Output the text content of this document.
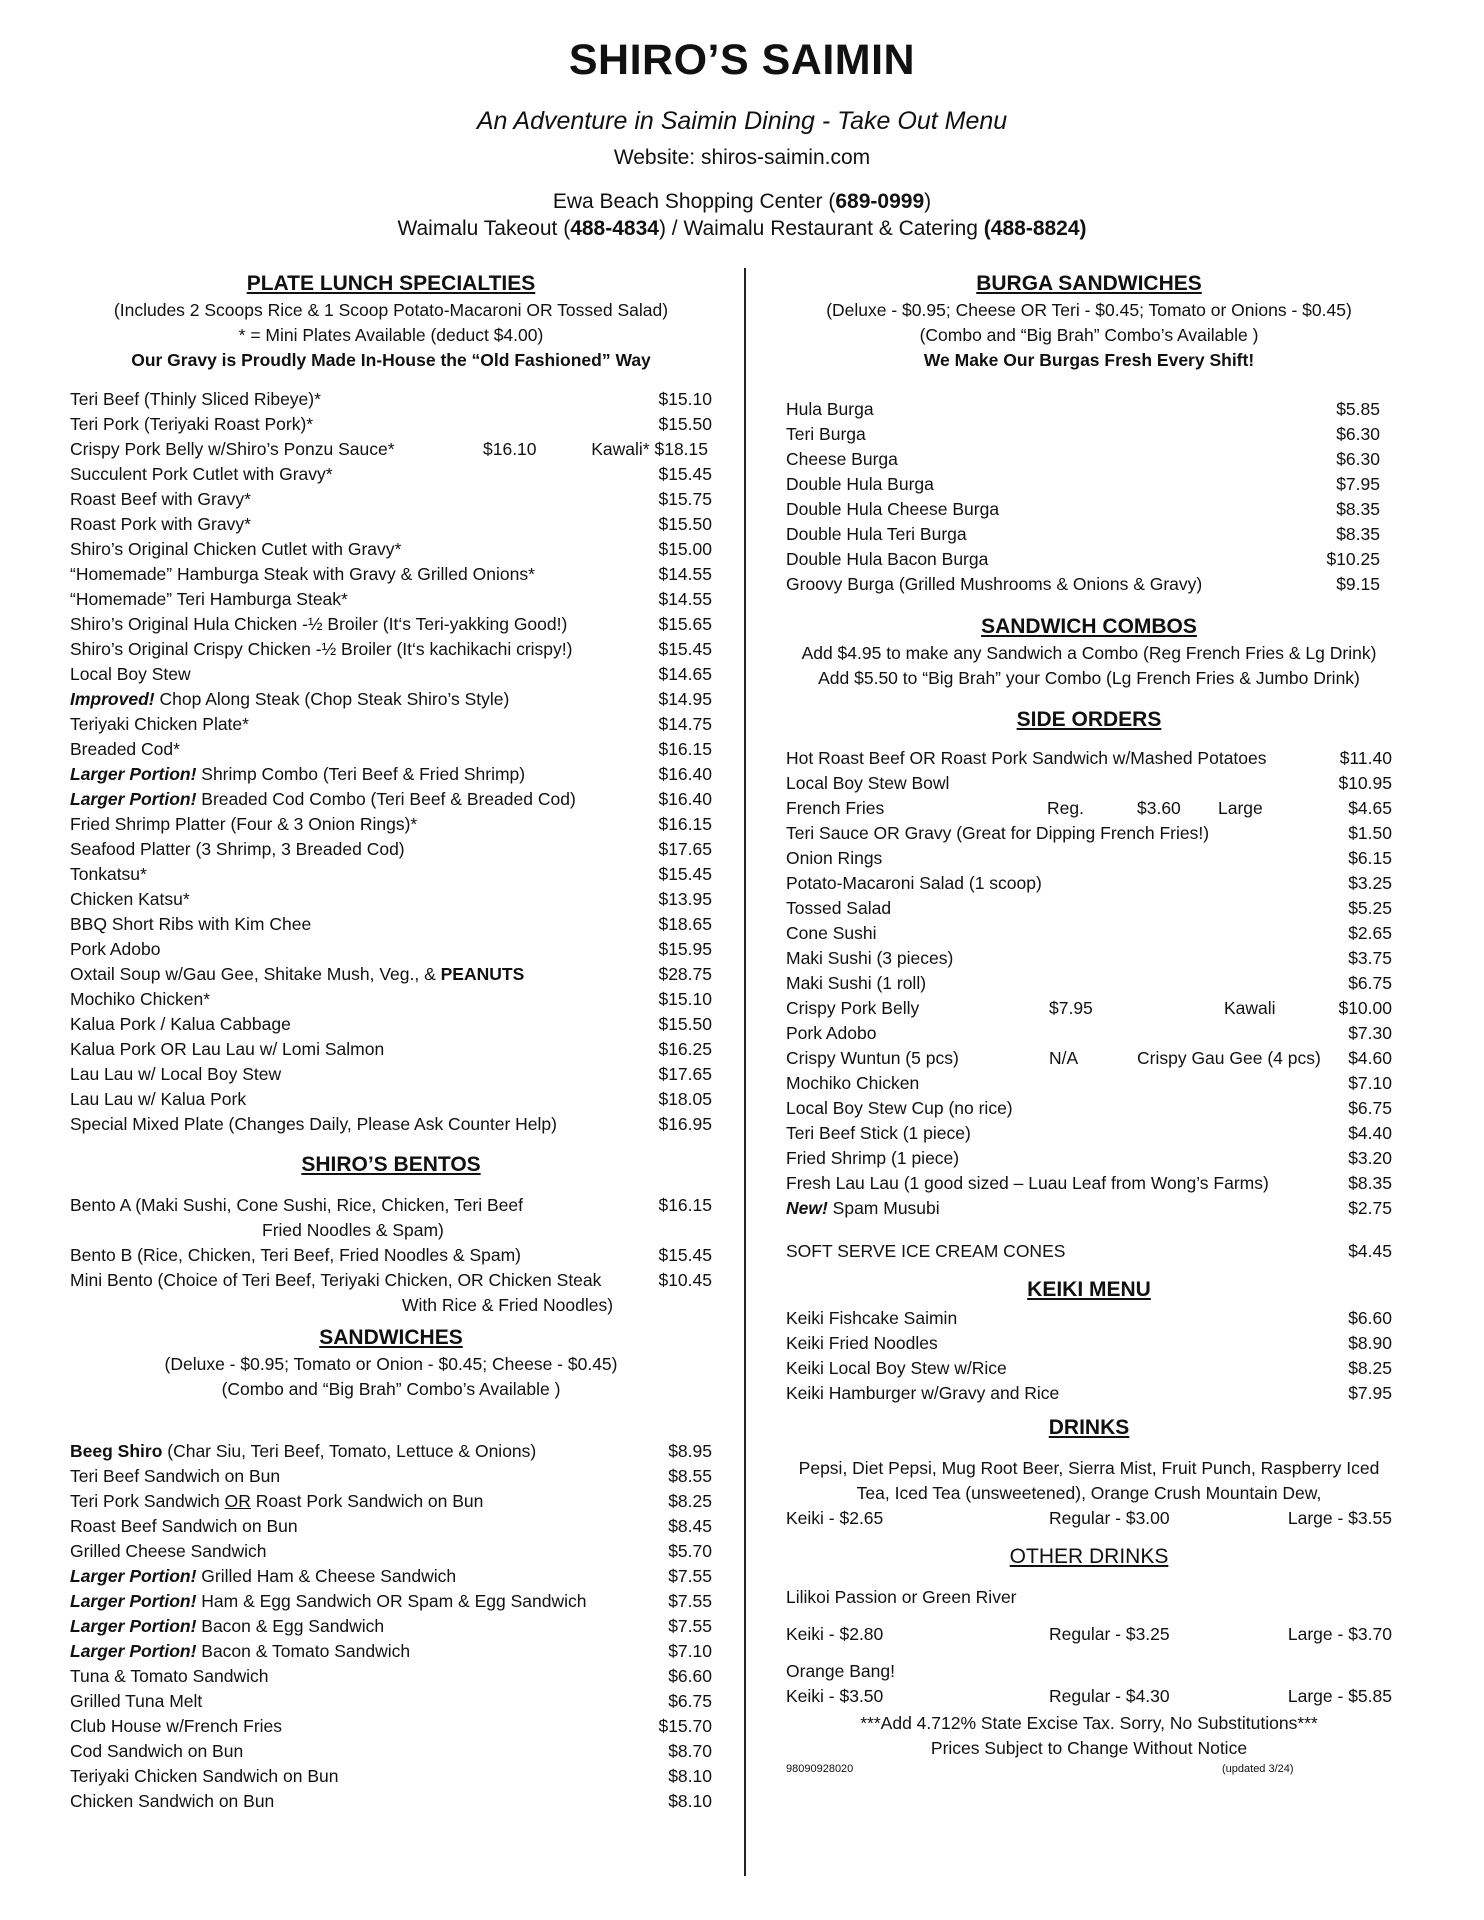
SHIRO’S SAIMIN
An Adventure in Saimin Dining - Take Out Menu
Website: shiros-saimin.com
Ewa Beach Shopping Center (689-0999)
Waimalu Takeout (488-4834) / Waimalu Restaurant & Catering (488-8824)
PLATE LUNCH SPECIALTIES
(Includes 2 Scoops Rice & 1 Scoop Potato-Macaroni OR Tossed Salad)
* = Mini Plates Available (deduct $4.00)
Our Gravy is Proudly Made In-House the “Old Fashioned” Way
Teri Beef (Thinly Sliced Ribeye)*	$15.10
Teri Pork (Teriyaki Roast Pork)*	$15.50
Crispy Pork Belly w/Shiro’s Ponzu Sauce*	$16.10	Kawali* $18.15
Succulent Pork Cutlet with Gravy*	$15.45
Roast Beef with Gravy*	$15.75
Roast Pork with Gravy*	$15.50
Shiro’s Original Chicken Cutlet with Gravy*	$15.00
“Homemade” Hamburga Steak with Gravy & Grilled Onions*	$14.55
“Homemade” Teri Hamburga Steak*	$14.55
Shiro’s Original Hula Chicken -½ Broiler (It‘s Teri-yakking Good!)	$15.65
Shiro’s Original Crispy Chicken -½ Broiler (It‘s kachikachi crispy!)	$15.45
Local Boy Stew	$14.65
Improved! Chop Along Steak (Chop Steak Shiro’s Style)	$14.95
Teriyaki Chicken Plate*	$14.75
Breaded Cod*	$16.15
Larger Portion! Shrimp Combo (Teri Beef & Fried Shrimp)	$16.40
Larger Portion! Breaded Cod Combo (Teri Beef & Breaded Cod)	$16.40
Fried Shrimp Platter (Four & 3 Onion Rings)*	$16.15
Seafood Platter (3 Shrimp, 3 Breaded Cod)	$17.65
Tonkatsu*	$15.45
Chicken Katsu*	$13.95
BBQ Short Ribs with Kim Chee	$18.65
Pork Adobo	$15.95
Oxtail Soup w/Gau Gee, Shitake Mush, Veg., & PEANUTS	$28.75
Mochiko Chicken*	$15.10
Kalua Pork / Kalua Cabbage	$15.50
Kalua Pork OR Lau Lau w/ Lomi Salmon	$16.25
Lau Lau w/ Local Boy Stew	$17.65
Lau Lau w/ Kalua Pork	$18.05
Special Mixed Plate (Changes Daily, Please Ask Counter Help)	$16.95
SHIRO’S BENTOS
Bento A (Maki Sushi, Cone Sushi, Rice, Chicken, Teri Beef	$16.15
Fried Noodles & Spam)
Bento B (Rice, Chicken, Teri Beef, Fried Noodles & Spam)	$15.45
Mini Bento (Choice of Teri Beef, Teriyaki Chicken, OR Chicken Steak	$10.45
With Rice & Fried Noodles)
SANDWICHES
(Deluxe - $0.95; Tomato or Onion - $0.45; Cheese - $0.45)
(Combo and “Big Brah” Combo’s Available )
Beeg Shiro (Char Siu, Teri Beef, Tomato, Lettuce & Onions)	$8.95
Teri Beef Sandwich on Bun	$8.55
Teri Pork Sandwich OR Roast Pork Sandwich on Bun	$8.25
Roast Beef Sandwich on Bun	$8.45
Grilled Cheese Sandwich	$5.70
Larger Portion! Grilled Ham & Cheese Sandwich	$7.55
Larger Portion! Ham & Egg Sandwich OR Spam & Egg Sandwich	$7.55
Larger Portion! Bacon & Egg Sandwich	$7.55
Larger Portion! Bacon & Tomato Sandwich	$7.10
Tuna & Tomato Sandwich	$6.60
Grilled Tuna Melt	$6.75
Club House w/French Fries	$15.70
Cod Sandwich on Bun	$8.70
Teriyaki Chicken Sandwich on Bun	$8.10
Chicken Sandwich on Bun	$8.10
BURGA SANDWICHES
(Deluxe - $0.95; Cheese OR Teri - $0.45; Tomato or Onions - $0.45)
(Combo and “Big Brah” Combo’s Available )
We Make Our Burgas Fresh Every Shift!
Hula Burga	$5.85
Teri Burga	$6.30
Cheese Burga	$6.30
Double Hula Burga	$7.95
Double Hula Cheese Burga	$8.35
Double Hula Teri Burga	$8.35
Double Hula Bacon Burga	$10.25
Groovy Burga (Grilled Mushrooms & Onions & Gravy)	$9.15
SANDWICH COMBOS
Add $4.95 to make any Sandwich a Combo (Reg French Fries & Lg Drink)
Add $5.50 to “Big Brah” your Combo (Lg French Fries & Jumbo Drink)
SIDE ORDERS
Hot Roast Beef OR Roast Pork Sandwich w/Mashed Potatoes	$11.40
Local Boy Stew Bowl	$10.95
French Fries	Reg.	$3.60 Large	$4.65
Teri Sauce OR Gravy (Great for Dipping French Fries!)	$1.50
Onion Rings	$6.15
Potato-Macaroni Salad (1 scoop)	$3.25
Tossed Salad	$5.25
Cone Sushi	$2.65
Maki Sushi (3 pieces)	$3.75
Maki Sushi (1 roll)	$6.75
Crispy Pork Belly	$7.95	Kawali	$10.00
Pork Adobo	$7.30
Crispy Wuntun (5 pcs)	N/A	Crispy Gau Gee (4 pcs) $4.60
Mochiko Chicken	$7.10
Local Boy Stew Cup (no rice)	$6.75
Teri Beef Stick (1 piece)	$4.40
Fried Shrimp (1 piece)	$3.20
Fresh Lau Lau (1 good sized – Luau Leaf from Wong’s Farms)	$8.35
New! Spam Musubi	$2.75
SOFT SERVE ICE CREAM CONES	$4.45
KEIKI MENU
Keiki Fishcake Saimin	$6.60
Keiki Fried Noodles	$8.90
Keiki Local Boy Stew w/Rice	$8.25
Keiki Hamburger w/Gravy and Rice	$7.95
DRINKS
Pepsi, Diet Pepsi, Mug Root Beer, Sierra Mist, Fruit Punch, Raspberry Iced
Tea, Iced Tea (unsweetened), Orange Crush Mountain Dew,
Keiki - $2.65	Regular - $3.00	Large - $3.55
OTHER DRINKS
Lilikoi Passion or Green River
Keiki - $2.80	Regular - $3.25	Large - $3.70
Orange Bang!
Keiki - $3.50	Regular - $4.30	Large - $5.85
***Add 4.712% State Excise Tax. Sorry, No Substitutions***
Prices Subject to Change Without Notice
98090928020	(updated 3/24)
